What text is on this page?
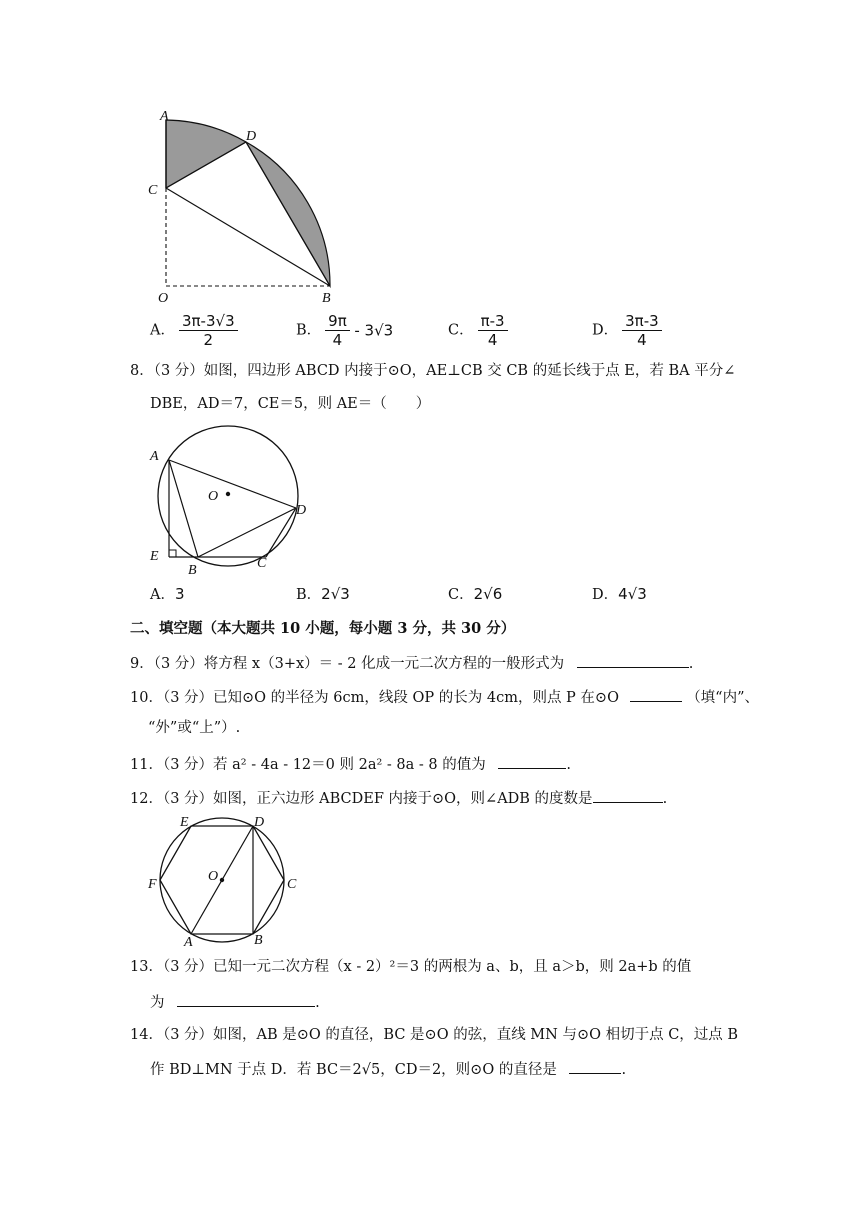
A
D
C
O	B
A． $\frac{3\pi-3√3}{2}$	B． $\frac{9\pi}{4} - 3√3$	C． $\frac{\pi-3}{4}$	D． $\frac{3\pi-3}{4}$
8．（3 分）如图，四边形 ABCD 内接于⊙O，AE⊥CB 交 CB 的延长线于点 E，若 BA 平分∠
DBE，AD＝7，CE＝5，则 AE＝（　　）
A
O
D
E
B	C
A．3	B．2√3	C．2√6	D．4√3
二、填空题（本大题共 10 小题，每小题 3 分，共 30 分）
9．（3 分）将方程 x（3+x）＝ - 2 化成一元二次方程的一般形式为	.
10．（3 分）已知⊙O 的半径为 6cm，线段 OP 的长为 4cm，则点 P 在⊙O	（填“内”、
“外”或“上”）.
11．（3 分）若 a² - 4a - 12＝0 则 2a² - 8a - 8 的值为	.
12．（3 分）如图，正六边形 ABCDEF 内接于⊙O，则∠ADB 的度数是	.
E	D
F
O
C
A	B
13．（3 分）已知一元二次方程（x - 2）²＝3 的两根为 a、b，且 a＞b，则 2a+b 的值
为	.
14．（3 分）如图，AB 是⊙O 的直径，BC 是⊙O 的弦，直线 MN 与⊙O 相切于点 C，过点 B
作 BD⊥MN 于点 D．若 BC＝2√5，CD＝2，则⊙O 的直径是	.
